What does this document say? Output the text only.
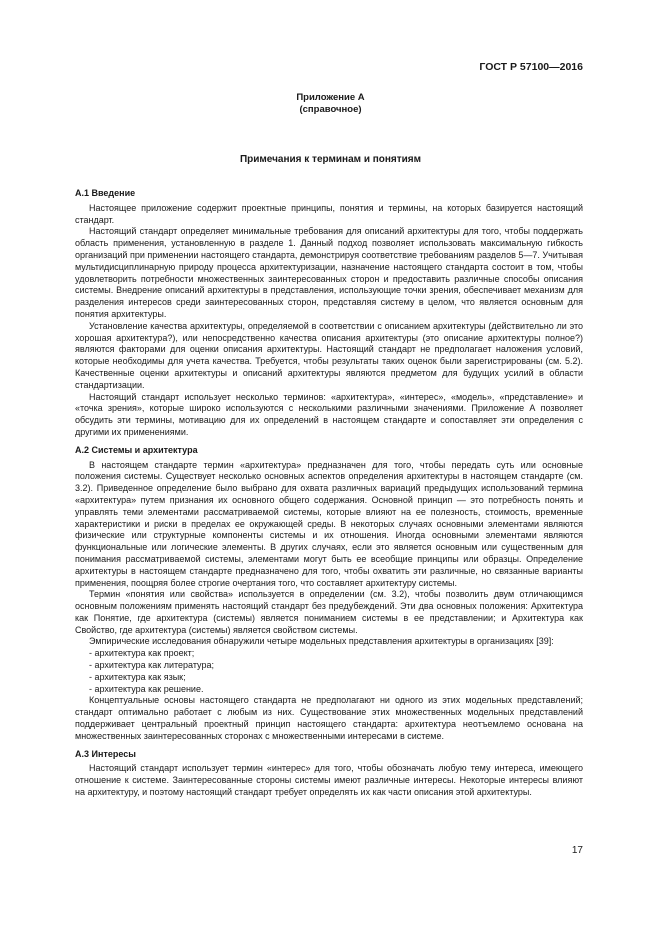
ГОСТ Р 57100—2016
Приложение А
(справочное)
Примечания к терминам и понятиям
А.1 Введение

Настоящее приложение содержит проектные принципы, понятия и термины, на которых базируется настоящий стандарт.

Настоящий стандарт определяет минимальные требования для описаний архитектуры для того, чтобы поддержать область применения, установленную в разделе 1. Данный подход позволяет использовать максимальную гибкость организаций при применении настоящего стандарта, демонстрируя соответствие требованиям разделов 5—7. Учитывая мультидисциплинарную природу процесса архитектуризации, назначение настоящего стандарта состоит в том, чтобы удовлетворить потребности множественных заинтересованных сторон и предоставить различные способы описания системы. Внедрение описаний архитектуры в представления, использующие точки зрения, обеспечивает механизм для разделения интересов среди заинтересованных сторон, представляя систему в целом, что является основным для понятия архитектуры.

Установление качества архитектуры, определяемой в соответствии с описанием архитектуры (действительно ли это хорошая архитектура?), или непосредственно качества описания архитектуры (это описание архитектуры полное?) являются факторами для оценки описания архитектуры. Настоящий стандарт не предполагает наложения условий, которые необходимы для учета качества. Требуется, чтобы результаты таких оценок были зарегистрированы (см. 5.2). Качественные оценки архитектуры и описаний архитектуры являются предметом для будущих усилий в области стандартизации.

Настоящий стандарт использует несколько терминов: «архитектура», «интерес», «модель», «представление» и «точка зрения», которые широко используются с несколькими различными значениями. Приложение А позволяет обсудить эти термины, мотивацию для их определений в настоящем стандарте и сопоставляет эти определения с другими их применениями.

А.2 Системы и архитектура

В настоящем стандарте термин «архитектура» предназначен для того, чтобы передать суть или основные положения системы. Существует несколько основных аспектов определения архитектуры в настоящем стандарте (см. 3.2). Приведенное определение было выбрано для охвата различных вариаций предыдущих использований термина «архитектура» путем признания их основного общего содержания. Основной принцип — это потребность понять и управлять теми элементами рассматриваемой системы, которые влияют на ее полезность, стоимость, временные характеристики и риски в пределах ее окружающей среды. В некоторых случаях основными элементами являются физические или структурные компоненты системы и их отношения. Иногда основными элементами являются функциональные или логические элементы. В других случаях, если это является основным или существенным для понимания рассматриваемой системы, элементами могут быть ее всеобщие принципы или образцы. Определение архитектуры в настоящем стандарте предназначено для того, чтобы охватить эти различные, но связанные варианты применения, поощряя более строгие очертания того, что составляет архитектуру системы.

Термин «понятия или свойства» используется в определении (см. 3.2), чтобы позволить двум отличающимся основным положениям применять настоящий стандарт без предубеждений. Эти два основных положения: Архитектура как Понятие, где архитектура (системы) является пониманием системы в ее представлении; и Архитектура как Свойство, где архитектура (системы) является свойством системы.

Эмпирические исследования обнаружили четыре модельных представления архитектуры в организациях [39]:

- архитектура как проект;
- архитектура как литература;
- архитектура как язык;
- архитектура как решение.

Концептуальные основы настоящего стандарта не предполагают ни одного из этих модельных представлений; стандарт оптимально работает с любым из них. Существование этих множественных модельных представлений поддерживает центральный проектный принцип настоящего стандарта: архитектура неотъемлемо основана на множественных заинтересованных сторонах с множественными интересами в системе.

А.3 Интересы

Настоящий стандарт использует термин «интерес» для того, чтобы обозначать любую тему интереса, имеющего отношение к системе. Заинтересованные стороны системы имеют различные интересы. Некоторые интересы влияют на архитектуру, и поэтому настоящий стандарт требует определять их как части описания этой архитектуры.

17
